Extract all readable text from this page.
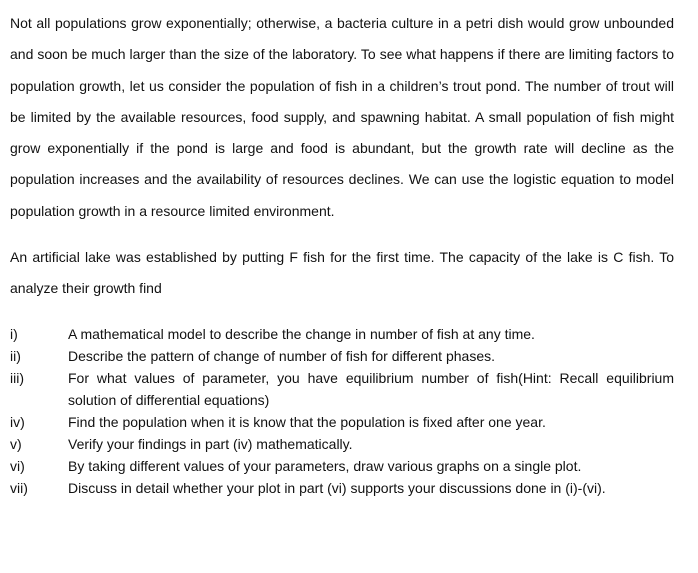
Not all populations grow exponentially; otherwise, a bacteria culture in a petri dish would grow unbounded and soon be much larger than the size of the laboratory. To see what happens if there are limiting factors to population growth, let us consider the population of fish in a children’s trout pond. The number of trout will be limited by the available resources, food supply, and spawning habitat. A small population of fish might grow exponentially if the pond is large and food is abundant, but the growth rate will decline as the population increases and the availability of resources declines. We can use the logistic equation to model population growth in a resource limited environment.

An artificial lake was established by putting F fish for the first time. The capacity of the lake is C fish. To analyze their growth find

i)	A mathematical model to describe the change in number of fish at any time.
ii)	Describe the pattern of change of number of fish for different phases.
iii)	For what values of parameter, you have equilibrium number of fish(Hint: Recall equilibrium solution of differential equations)
iv)	Find the population when it is know that the population is fixed after one year.
v)	Verify your findings in part (iv) mathematically.
vi)	By taking different values of your parameters, draw various graphs on a single plot.
vii)	Discuss in detail whether your plot in part (vi) supports your discussions done in (i)-(vi).
